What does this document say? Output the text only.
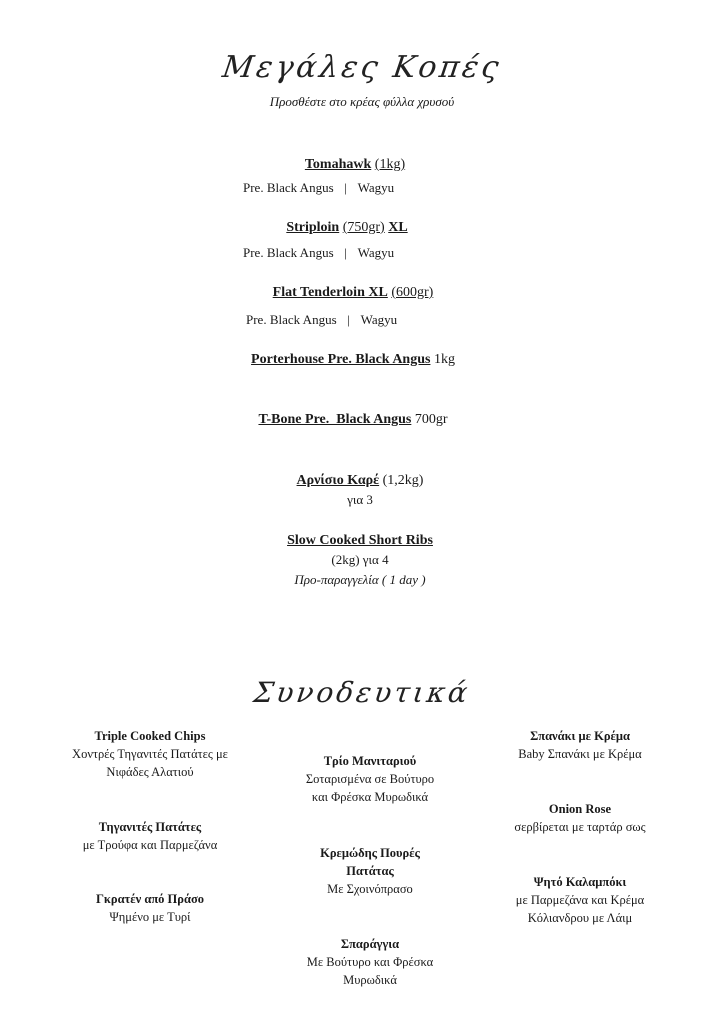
Μεγάλες Κοπές
Προσθέστε στο κρέας φύλλα χρυσού
Tomahawk (1kg)
Pre. Black Angus | Wagyu
Striploin (750gr) XL
Pre. Black Angus | Wagyu
Flat Tenderloin XL (600gr)
Pre. Black Angus | Wagyu
Porterhouse Pre. Black Angus 1kg
T-Bone Pre.  Black Angus 700gr
Αρνίσιο Καρέ (1,2kg)
για 3
Slow Cooked Short Ribs
(2kg) για 4
Προ-παραγγελία ( 1 day )
Συνοδευτικά
Triple Cooked Chips
Χοντρές Τηγανιτές Πατάτες με
Νιφάδες Αλατιού
Τηγανιτές Πατάτες
με Τρούφα και Παρμεζάνα
Γκρατέν από Πράσο
Ψημένο με Τυρί
Τρίο Μανιταριού
Σοταρισμένα σε Βούτυρο
και Φρέσκα Μυρωδικά
Κρεμώδης Πουρές
Πατάτας
Με Σχοινόπρασο
Σπαράγγια
Με Βούτυρο και Φρέσκα
Μυρωδικά
Σπανάκι με Κρέμα
Baby Σπανάκι με Κρέμα
Onion Rose
σερβίρεται με ταρτάρ σως
Ψητό Καλαμπόκι
με Παρμεζάνα και Κρέμα
Κόλιανδρου με Λάιμ
